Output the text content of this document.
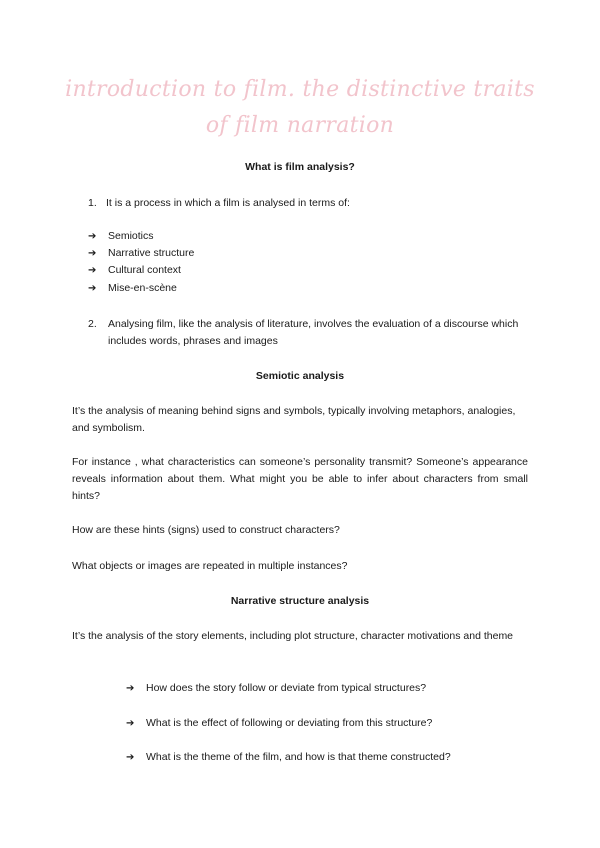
introduction to film. the distinctive traits of film narration
What is film analysis?
1. It is a process in which a film is analysed in terms of:
➔ Semiotics
➔ Narrative structure
➔ Cultural context
➔ Mise-en-scène
2.	Analysing film, like the analysis of literature, involves the evaluation of a discourse which includes words, phrases and images
Semiotic analysis
It’s the analysis of meaning behind signs and symbols, typically involving metaphors, analogies, and symbolism.
For instance , what characteristics can someone’s personality transmit? Someone’s appearance reveals information about them. What might you be able to infer about characters from small hints?
How are these hints (signs) used to construct characters?
What objects or images are repeated in multiple instances?
Narrative structure analysis
It’s the analysis of the story elements, including plot structure, character motivations and theme
➔ How does the story follow or deviate from typical structures?
➔ What is the effect of following or deviating from this structure?
➔ What is the theme of the film, and how is that theme constructed?
